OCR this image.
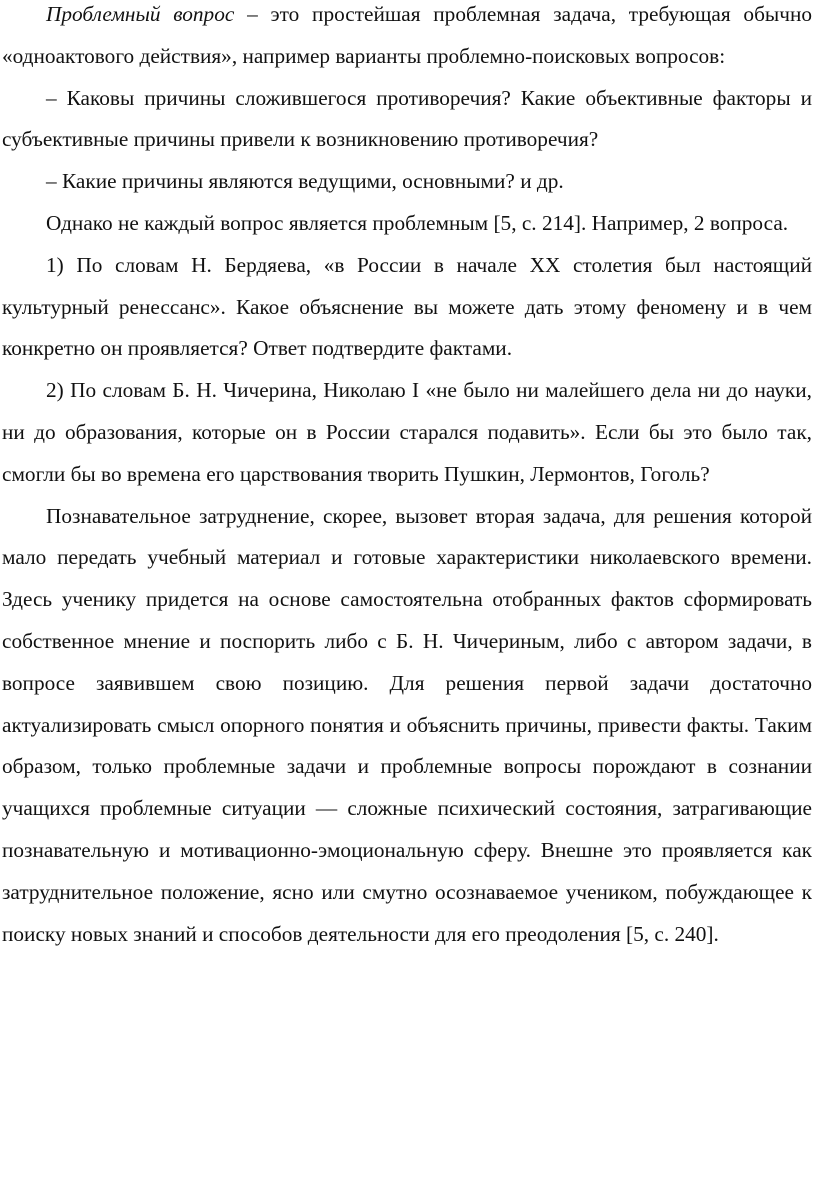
Проблемный вопрос – это простейшая проблемная задача, требующая обычно «одноактового действия», например варианты проблемно-поисковых вопросов:

– Каковы причины сложившегося противоречия? Какие объективные факторы и субъективные причины привели к возникновению противоречия?

– Какие причины являются ведущими, основными? и др.

Однако не каждый вопрос является проблемным [5, с. 214]. Например, 2 вопроса.

1) По словам Н. Бердяева, «в России в начале XX столетия был настоящий культурный ренессанс». Какое объяснение вы можете дать этому феномену и в чем конкретно он проявляется? Ответ подтвердите фактами.

2) По словам Б. Н. Чичерина, Николаю I «не было ни малейшего дела ни до науки, ни до образования, которые он в России старался подавить». Если бы это было так, смогли бы во времена его царствования творить Пушкин, Лермонтов, Гоголь?

Познавательное затруднение, скорее, вызовет вторая задача, для решения которой мало передать учебный материал и готовые характеристики николаевского времени. Здесь ученику придется на основе самостоятельна отобранных фактов сформировать собственное мнение и поспорить либо с Б. Н. Чичериным, либо с автором задачи, в вопросе заявившем свою позицию. Для решения первой задачи достаточно актуализировать смысл опорного понятия и объяснить причины, привести факты. Таким образом, только проблемные задачи и проблемные вопросы порождают в сознании учащихся проблемные ситуации — сложные психический состояния, затрагивающие познавательную и мотивационно-эмоциональную сферу. Внешне это проявляется как затруднительное положение, ясно или смутно осознаваемое учеником, побуждающее к поиску новых знаний и способов деятельности для его преодоления [5, с. 240].
